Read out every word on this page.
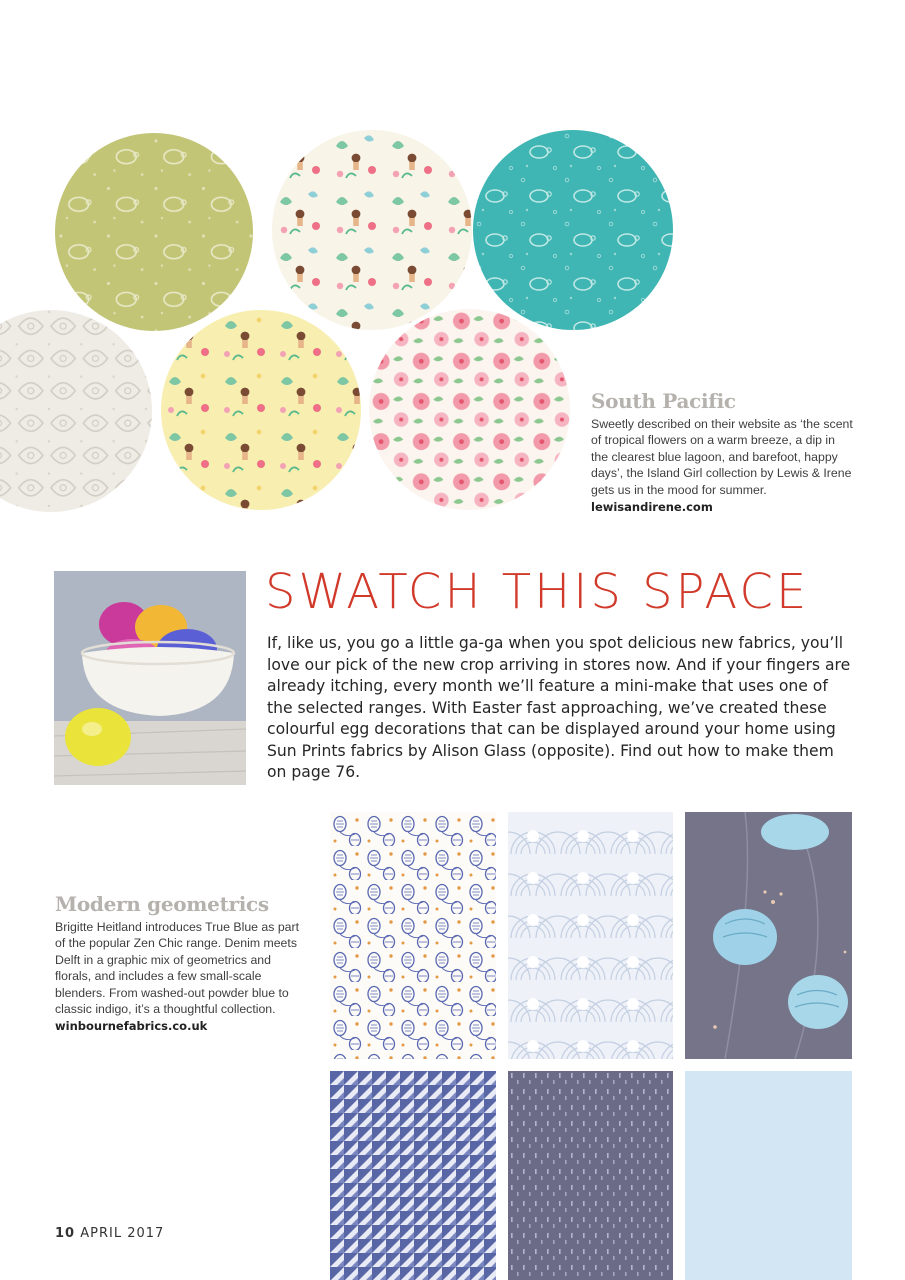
South Pacific

Sweetly described on their website as ‘the scent of tropical flowers on a warm breeze, a dip in the clearest blue lagoon, and barefoot, happy days’, the Island Girl collection by Lewis & Irene gets us in the mood for summer.

lewisandirene.com
SWATCH THIS SPACE
If, like us, you go a little ga-ga when you spot delicious new fabrics, you’ll love our pick of the new crop arriving in stores now. And if your fingers are already itching, every month we’ll feature a mini-make that uses one of the selected ranges. With Easter fast approaching, we’ve created these colourful egg decorations that can be displayed around your home using Sun Prints fabrics by Alison Glass (opposite). Find out how to make them on page 76.
Modern geometrics

Brigitte Heitland introduces True Blue as part of the popular Zen Chic range. Denim meets Delft in a graphic mix of geometrics and florals, and includes a few small-scale blenders. From washed-out powder blue to classic indigo, it’s a thoughtful collection.

winbournefabrics.co.uk
10 APRIL 2017
